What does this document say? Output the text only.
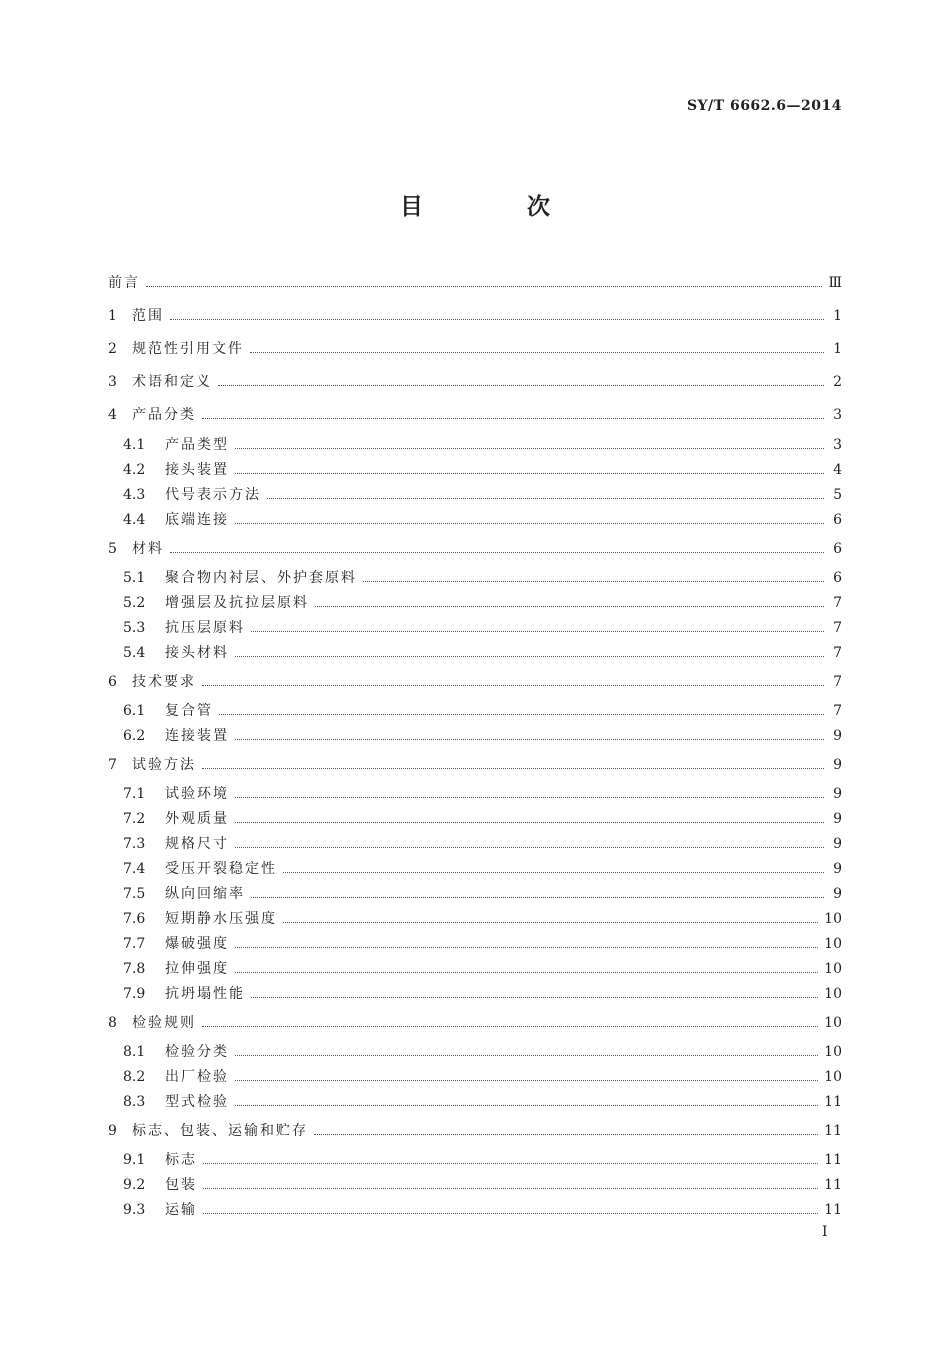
SY/T 6662.6—2014
目 次
前言	Ⅲ
1	范围	1
2	规范性引用文件	1
3	术语和定义	2
4	产品分类	3
4.1	产品类型	3
4.2	接头装置	4
4.3	代号表示方法	5
4.4	底端连接	6
5	材料	6
5.1	聚合物内衬层、外护套原料	6
5.2	增强层及抗拉层原料	7
5.3	抗压层原料	7
5.4	接头材料	7
6	技术要求	7
6.1	复合管	7
6.2	连接装置	9
7	试验方法	9
7.1	试验环境	9
7.2	外观质量	9
7.3	规格尺寸	9
7.4	受压开裂稳定性	9
7.5	纵向回缩率	9
7.6	短期静水压强度	10
7.7	爆破强度	10
7.8	拉伸强度	10
7.9	抗坍塌性能	10
8	检验规则	10
8.1	检验分类	10
8.2	出厂检验	10
8.3	型式检验	11
9	标志、包装、运输和贮存	11
9.1	标志	11
9.2	包装	11
9.3	运输	11
Ⅰ
